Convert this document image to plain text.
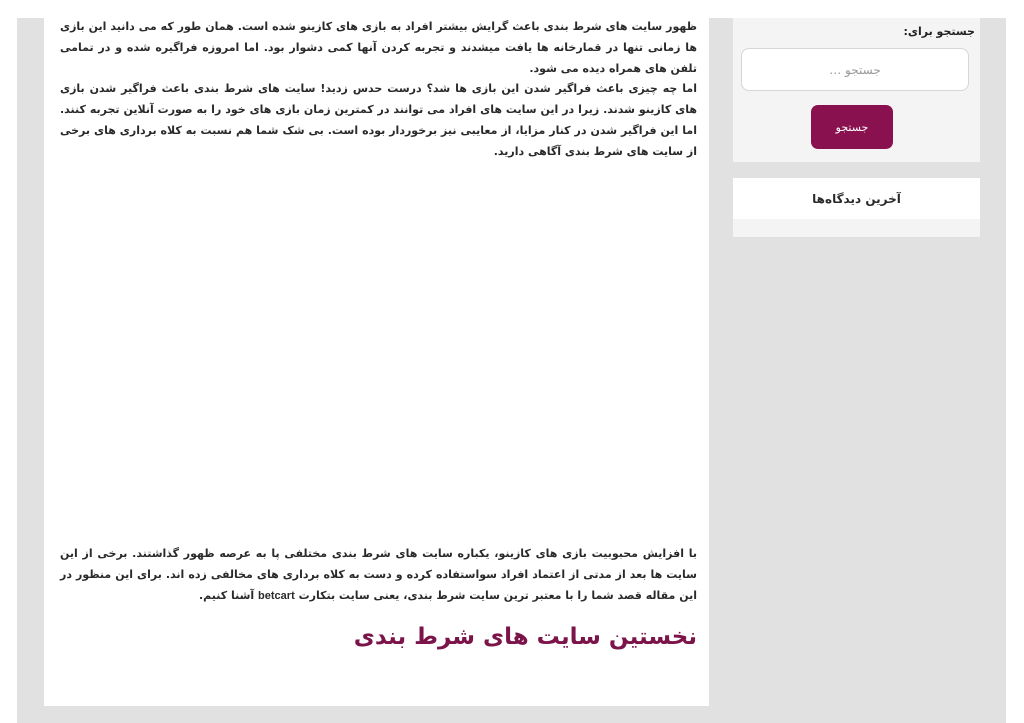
ظهور سایت های شرط بندی باعث گرایش بیشتر افراد به بازی های کازینو شده است. همان طور که می دانید این بازی ها زمانی تنها در قمارخانه ها یافت میشدند و تجربه کردن آنها کمی دشوار بود. اما امروزه فراگیره شده و در تمامی تلفن های همراه دیده می شود.

اما چه چیزی باعث فراگیر شدن این بازی ها شد؟ درست حدس زدید! سایت های شرط بندی باعث فراگیر شدن بازی های کازینو شدند. زیرا در این سایت های افراد می توانند در کمترین زمان بازی های خود را به صورت آنلاین تجربه کنند. اما این فراگیر شدن در کنار مزایا، از معایبی نیز برخوردار بوده است. بی شک شما هم نسبت به کلاه برداری های برخی از سایت های شرط بندی آگاهی دارید.

با افزایش محبوبیت بازی های کازینو، یکباره سایت های شرط بندی مختلفی پا به عرصه ظهور گذاشتند. برخی از این سایت ها بعد از مدتی از اعتماد افراد سواستفاده کرده و دست به کلاه برداری های مخالفی زده اند. برای این منظور در این مقاله قصد شما را با معتبر ترین سایت شرط بندی، یعنی سایت بتکارت betcart آشنا کنیم.

نخستین سایت های شرط بندی
جستجو برای:
جستجو …
جستجو
آخرین دیدگاه‌ها
